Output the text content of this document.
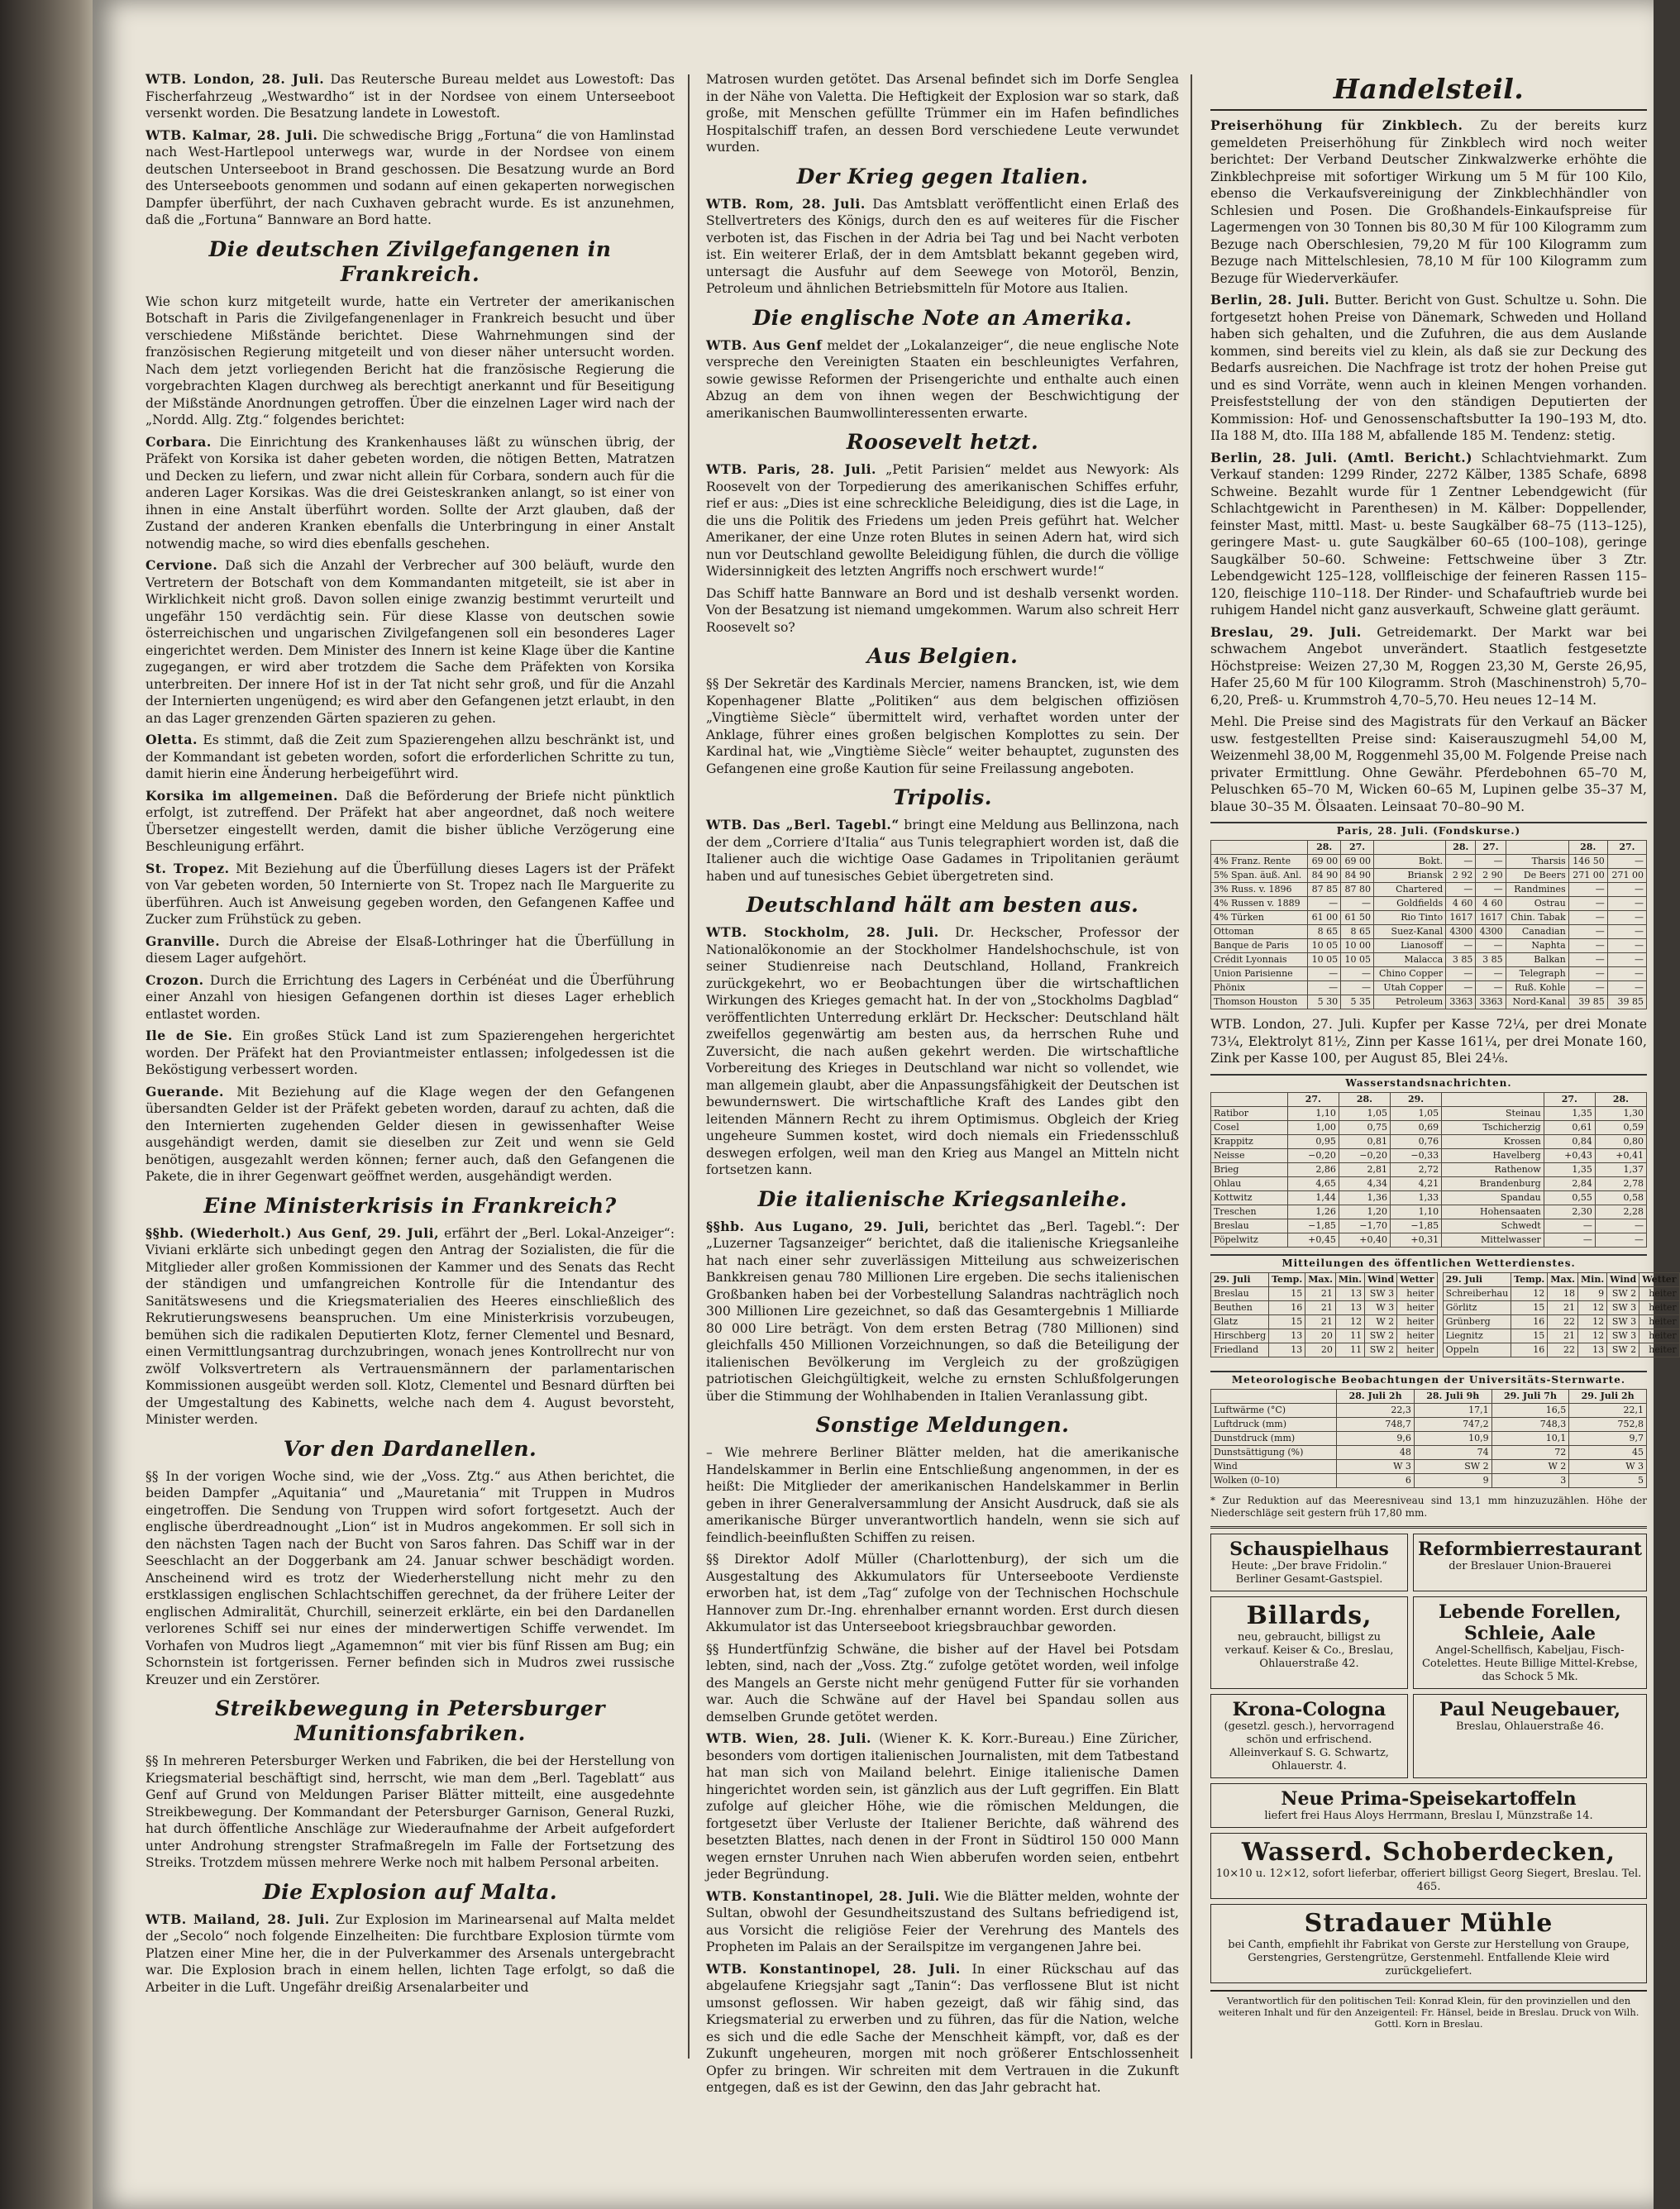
WTB. London, 28. Juli. Das Reutersche Bureau meldet aus Lowestoft: Das Fischerfahrzeug „Westwardho“ ist in der Nordsee von einem Unterseeboot versenkt worden. Die Besatzung landete in Lowestoft.

WTB. Kalmar, 28. Juli. Die schwedische Brigg „Fortuna“ die von Hamlinstad nach West-Hartlepool unterwegs war, wurde in der Nordsee von einem deutschen Unterseeboot in Brand geschossen. Die Besatzung wurde an Bord des Unterseeboots genommen und sodann auf einen gekaperten norwegischen Dampfer überführt, der nach Cuxhaven gebracht wurde. Es ist anzunehmen, daß die „Fortuna“ Bannware an Bord hatte.

Die deutschen Zivilgefangenen in Frankreich.

Wie schon kurz mitgeteilt wurde, hatte ein Vertreter der amerikanischen Botschaft in Paris die Zivilgefangenenlager in Frankreich besucht und über verschiedene Mißstände berichtet. Diese Wahrnehmungen sind der französischen Regierung mitgeteilt und von dieser näher untersucht worden. Nach dem jetzt vorliegenden Bericht hat die französische Regierung die vorgebrachten Klagen durchweg als berechtigt anerkannt und für Beseitigung der Mißstände Anordnungen getroffen. Über die einzelnen Lager wird nach der „Nordd. Allg. Ztg.“ folgendes berichtet:

Corbara. Die Einrichtung des Krankenhauses läßt zu wünschen übrig, der Präfekt von Korsika ist daher gebeten worden, die nötigen Betten, Matratzen und Decken zu liefern, und zwar nicht allein für Corbara, sondern auch für die anderen Lager Korsikas. Was die drei Geisteskranken anlangt, so ist einer von ihnen in eine Anstalt überführt worden. Sollte der Arzt glauben, daß der Zustand der anderen Kranken ebenfalls die Unterbringung in einer Anstalt notwendig mache, so wird dies ebenfalls geschehen.

Cervione. Daß sich die Anzahl der Verbrecher auf 300 beläuft, wurde den Vertretern der Botschaft von dem Kommandanten mitgeteilt, sie ist aber in Wirklichkeit nicht groß. Davon sollen einige zwanzig bestimmt verurteilt und ungefähr 150 verdächtig sein. Für diese Klasse von deutschen sowie österreichischen und ungarischen Zivilgefangenen soll ein besonderes Lager eingerichtet werden. Dem Minister des Innern ist keine Klage über die Kantine zugegangen, er wird aber trotzdem die Sache dem Präfekten von Korsika unterbreiten. Der innere Hof ist in der Tat nicht sehr groß, und für die Anzahl der Internierten ungenügend; es wird aber den Gefangenen jetzt erlaubt, in den an das Lager grenzenden Gärten spazieren zu gehen.

Oletta. Es stimmt, daß die Zeit zum Spazierengehen allzu beschränkt ist, und der Kommandant ist gebeten worden, sofort die erforderlichen Schritte zu tun, damit hierin eine Änderung herbeigeführt wird.

Korsika im allgemeinen. Daß die Beförderung der Briefe nicht pünktlich erfolgt, ist zutreffend. Der Präfekt hat aber angeordnet, daß noch weitere Übersetzer eingestellt werden, damit die bisher übliche Verzögerung eine Beschleunigung erfährt.

St. Tropez. Mit Beziehung auf die Überfüllung dieses Lagers ist der Präfekt von Var gebeten worden, 50 Internierte von St. Tropez nach Ile Marguerite zu überführen. Auch ist Anweisung gegeben worden, den Gefangenen Kaffee und Zucker zum Frühstück zu geben.

Granville. Durch die Abreise der Elsaß-Lothringer hat die Überfüllung in diesem Lager aufgehört.

Crozon. Durch die Errichtung des Lagers in Cerbénéat und die Überführung einer Anzahl von hiesigen Gefangenen dorthin ist dieses Lager erheblich entlastet worden.

Ile de Sie. Ein großes Stück Land ist zum Spazierengehen hergerichtet worden. Der Präfekt hat den Proviantmeister entlassen; infolgedessen ist die Beköstigung verbessert worden.

Guerande. Mit Beziehung auf die Klage wegen der den Gefangenen übersandten Gelder ist der Präfekt gebeten worden, darauf zu achten, daß die den Internierten zugehenden Gelder diesen in gewissenhafter Weise ausgehändigt werden, damit sie dieselben zur Zeit und wenn sie Geld benötigen, ausgezahlt werden können; ferner auch, daß den Gefangenen die Pakete, die in ihrer Gegenwart geöffnet werden, ausgehändigt werden.

Eine Ministerkrisis in Frankreich?

§§hb. (Wiederholt.) Aus Genf, 29. Juli, erfährt der „Berl. Lokal-Anzeiger“: Viviani erklärte sich unbedingt gegen den Antrag der Sozialisten, die für die Mitglieder aller großen Kommissionen der Kammer und des Senats das Recht der ständigen und umfangreichen Kontrolle für die Intendantur des Sanitätswesens und die Kriegsmaterialien des Heeres einschließlich des Rekrutierungswesens beanspruchen. Um eine Ministerkrisis vorzubeugen, bemühen sich die radikalen Deputierten Klotz, ferner Clementel und Besnard, einen Vermittlungsantrag durchzubringen, wonach jenes Kontrollrecht nur von zwölf Volksvertretern als Vertrauensmännern der parlamentarischen Kommissionen ausgeübt werden soll. Klotz, Clementel und Besnard dürften bei der Umgestaltung des Kabinetts, welche nach dem 4. August bevorsteht, Minister werden.

Vor den Dardanellen.

§§ In der vorigen Woche sind, wie der „Voss. Ztg.“ aus Athen berichtet, die beiden Dampfer „Aquitania“ und „Mauretania“ mit Truppen in Mudros eingetroffen. Die Sendung von Truppen wird sofort fortgesetzt. Auch der englische überdreadnought „Lion“ ist in Mudros angekommen. Er soll sich in den nächsten Tagen nach der Bucht von Saros fahren. Das Schiff war in der Seeschlacht an der Doggerbank am 24. Januar schwer beschädigt worden. Anscheinend wird es trotz der Wiederherstellung nicht mehr zu den erstklassigen englischen Schlachtschiffen gerechnet, da der frühere Leiter der englischen Admiralität, Churchill, seinerzeit erklärte, ein bei den Dardanellen verlorenes Schiff sei nur eines der minderwertigen Schiffe verwendet. Im Vorhafen von Mudros liegt „Agamemnon“ mit vier bis fünf Rissen am Bug; ein Schornstein ist fortgerissen. Ferner befinden sich in Mudros zwei russische Kreuzer und ein Zerstörer.

Streikbewegung in Petersburger Munitionsfabriken.

§§ In mehreren Petersburger Werken und Fabriken, die bei der Herstellung von Kriegsmaterial beschäftigt sind, herrscht, wie man dem „Berl. Tageblatt“ aus Genf auf Grund von Meldungen Pariser Blätter mitteilt, eine ausgedehnte Streikbewegung. Der Kommandant der Petersburger Garnison, General Ruzki, hat durch öffentliche Anschläge zur Wiederaufnahme der Arbeit aufgefordert unter Androhung strengster Strafmaßregeln im Falle der Fortsetzung des Streiks. Trotzdem müssen mehrere Werke noch mit halbem Personal arbeiten.

Die Explosion auf Malta.

WTB. Mailand, 28. Juli. Zur Explosion im Marinearsenal auf Malta meldet der „Secolo“ noch folgende Einzelheiten: Die furchtbare Explosion türmte vom Platzen einer Mine her, die in der Pulverkammer des Arsenals untergebracht war. Die Explosion brach in einem hellen, lichten Tage erfolgt, so daß die Arbeiter in die Luft. Ungefähr dreißig Arsenalarbeiter und

Matrosen wurden getötet. Das Arsenal befindet sich im Dorfe Senglea in der Nähe von Valetta. Die Heftigkeit der Explosion war so stark, daß große, mit Menschen gefüllte Trümmer ein im Hafen befindliches Hospitalschiff trafen, an dessen Bord verschiedene Leute verwundet wurden.

Der Krieg gegen Italien.

WTB. Rom, 28. Juli. Das Amtsblatt veröffentlicht einen Erlaß des Stellvertreters des Königs, durch den es auf weiteres für die Fischer verboten ist, das Fischen in der Adria bei Tag und bei Nacht verboten ist. Ein weiterer Erlaß, der in dem Amtsblatt bekannt gegeben wird, untersagt die Ausfuhr auf dem Seewege von Motoröl, Benzin, Petroleum und ähnlichen Betriebsmitteln für Motore aus Italien.

Die englische Note an Amerika.

WTB. Aus Genf meldet der „Lokalanzeiger“, die neue englische Note verspreche den Vereinigten Staaten ein beschleunigtes Verfahren, sowie gewisse Reformen der Prisengerichte und enthalte auch einen Abzug an dem von ihnen wegen der Beschwichtigung der amerikanischen Baumwollinteressenten erwarte.

Roosevelt hetzt.

WTB. Paris, 28. Juli. „Petit Parisien“ meldet aus Newyork: Als Roosevelt von der Torpedierung des amerikanischen Schiffes erfuhr, rief er aus: „Dies ist eine schreckliche Beleidigung, dies ist die Lage, in die uns die Politik des Friedens um jeden Preis geführt hat. Welcher Amerikaner, der eine Unze roten Blutes in seinen Adern hat, wird sich nun vor Deutschland gewollte Beleidigung fühlen, die durch die völlige Widersinnigkeit des letzten Angriffs noch erschwert wurde!“

Das Schiff hatte Bannware an Bord und ist deshalb versenkt worden. Von der Besatzung ist niemand umgekommen. Warum also schreit Herr Roosevelt so?

Aus Belgien.

§§ Der Sekretär des Kardinals Mercier, namens Brancken, ist, wie dem Kopenhagener Blatte „Politiken“ aus dem belgischen offiziösen „Vingtième Siècle“ übermittelt wird, verhaftet worden unter der Anklage, führer eines großen belgischen Komplottes zu sein. Der Kardinal hat, wie „Vingtième Siècle“ weiter behauptet, zugunsten des Gefangenen eine große Kaution für seine Freilassung angeboten.

Tripolis.

WTB. Das „Berl. Tagebl.“ bringt eine Meldung aus Bellinzona, nach der dem „Corriere d'Italia“ aus Tunis telegraphiert worden ist, daß die Italiener auch die wichtige Oase Gadames in Tripolitanien geräumt haben und auf tunesisches Gebiet übergetreten sind.

Deutschland hält am besten aus.

WTB. Stockholm, 28. Juli. Dr. Heckscher, Professor der Nationalökonomie an der Stockholmer Handelshochschule, ist von seiner Studienreise nach Deutschland, Holland, Frankreich zurückgekehrt, wo er Beobachtungen über die wirtschaftlichen Wirkungen des Krieges gemacht hat. In der von „Stockholms Dagblad“ veröffentlichten Unterredung erklärt Dr. Heckscher: Deutschland hält zweifellos gegenwärtig am besten aus, da herrschen Ruhe und Zuversicht, die nach außen gekehrt werden. Die wirtschaftliche Vorbereitung des Krieges in Deutschland war nicht so vollendet, wie man allgemein glaubt, aber die Anpassungsfähigkeit der Deutschen ist bewundernswert. Die wirtschaftliche Kraft des Landes gibt den leitenden Männern Recht zu ihrem Optimismus. Obgleich der Krieg ungeheure Summen kostet, wird doch niemals ein Friedensschluß deswegen erfolgen, weil man den Krieg aus Mangel an Mitteln nicht fortsetzen kann.

Die italienische Kriegsanleihe.

§§hb. Aus Lugano, 29. Juli, berichtet das „Berl. Tagebl.“: Der „Luzerner Tagsanzeiger“ berichtet, daß die italienische Kriegsanleihe hat nach einer sehr zuverlässigen Mitteilung aus schweizerischen Bankkreisen genau 780 Millionen Lire ergeben. Die sechs italienischen Großbanken haben bei der Vorbestellung Salandras nachträglich noch 300 Millionen Lire gezeichnet, so daß das Gesamtergebnis 1 Milliarde 80 000 Lire beträgt. Von dem ersten Betrag (780 Millionen) sind gleichfalls 450 Millionen Vorzeichnungen, so daß die Beteiligung der italienischen Bevölkerung im Vergleich zu der großzügigen patriotischen Gleichgültigkeit, welche zu ernsten Schlußfolgerungen über die Stimmung der Wohlhabenden in Italien Veranlassung gibt.

Sonstige Meldungen.

– Wie mehrere Berliner Blätter melden, hat die amerikanische Handelskammer in Berlin eine Entschließung angenommen, in der es heißt: Die Mitglieder der amerikanischen Handelskammer in Berlin geben in ihrer Generalversammlung der Ansicht Ausdruck, daß sie als amerikanische Bürger unverantwortlich handeln, wenn sie sich auf feindlich-beeinflußten Schiffen zu reisen.

§§ Direktor Adolf Müller (Charlottenburg), der sich um die Ausgestaltung des Akkumulators für Unterseeboote Verdienste erworben hat, ist dem „Tag“ zufolge von der Technischen Hochschule Hannover zum Dr.-Ing. ehrenhalber ernannt worden. Erst durch diesen Akkumulator ist das Unterseeboot kriegsbrauchbar geworden.

§§ Hundertfünfzig Schwäne, die bisher auf der Havel bei Potsdam lebten, sind, nach der „Voss. Ztg.“ zufolge getötet worden, weil infolge des Mangels an Gerste nicht mehr genügend Futter für sie vorhanden war. Auch die Schwäne auf der Havel bei Spandau sollen aus demselben Grunde getötet werden.

WTB. Wien, 28. Juli. (Wiener K. K. Korr.-Bureau.) Eine Züricher, besonders vom dortigen italienischen Journalisten, mit dem Tatbestand hat man sich von Mailand belehrt. Einige italienische Damen hingerichtet worden sein, ist gänzlich aus der Luft gegriffen. Ein Blatt zufolge auf gleicher Höhe, wie die römischen Meldungen, die fortgesetzt über Verluste der Italiener Berichte, daß während des besetzten Blattes, nach denen in der Front in Südtirol 150 000 Mann wegen ernster Unruhen nach Wien abberufen worden seien, entbehrt jeder Begründung.

WTB. Konstantinopel, 28. Juli. Wie die Blätter melden, wohnte der Sultan, obwohl der Gesundheitszustand des Sultans befriedigend ist, aus Vorsicht die religiöse Feier der Verehrung des Mantels des Propheten im Palais an der Serailspitze im vergangenen Jahre bei.

WTB. Konstantinopel, 28. Juli. In einer Rückschau auf das abgelaufene Kriegsjahr sagt „Tanin“: Das verflossene Blut ist nicht umsonst geflossen. Wir haben gezeigt, daß wir fähig sind, das Kriegsmaterial zu erwerben und zu führen, das für die Nation, welche es sich und die edle Sache der Menschheit kämpft, vor, daß es der Zukunft ungeheuren, morgen mit noch größerer Entschlossenheit Opfer zu bringen. Wir schreiten mit dem Vertrauen in die Zukunft entgegen, daß es ist der Gewinn, den das Jahr gebracht hat.

Handelsteil.

Preiserhöhung für Zinkblech. Zu der bereits kurz gemeldeten Preiserhöhung für Zinkblech wird noch weiter berichtet: Der Verband Deutscher Zinkwalzwerke erhöhte die Zinkblechpreise mit sofortiger Wirkung um 5 M für 100 Kilo, ebenso die Verkaufsvereinigung der Zinkblechhändler von Schlesien und Posen. Die Großhandels-Einkaufspreise für Lagermengen von 30 Tonnen bis 80,30 M für 100 Kilogramm zum Bezuge nach Oberschlesien, 79,20 M für 100 Kilogramm zum Bezuge nach Mittelschlesien, 78,10 M für 100 Kilogramm zum Bezuge für Wiederverkäufer.

Berlin, 28. Juli. Butter. Bericht von Gust. Schultze u. Sohn. Die fortgesetzt hohen Preise von Dänemark, Schweden und Holland haben sich gehalten, und die Zufuhren, die aus dem Auslande kommen, sind bereits viel zu klein, als daß sie zur Deckung des Bedarfs ausreichen. Die Nachfrage ist trotz der hohen Preise gut und es sind Vorräte, wenn auch in kleinen Mengen vorhanden. Preisfeststellung der von den ständigen Deputierten der Kommission: Hof- und Genossenschaftsbutter Ia 190–193 M, dto. IIa 188 M, dto. IIIa 188 M, abfallende 185 M. Tendenz: stetig.

Berlin, 28. Juli. (Amtl. Bericht.) Schlachtviehmarkt. Zum Verkauf standen: 1299 Rinder, 2272 Kälber, 1385 Schafe, 6898 Schweine. Bezahlt wurde für 1 Zentner Lebendgewicht (für Schlachtgewicht in Parenthesen) in M. Kälber: Doppellender, feinster Mast, mittl. Mast- u. beste Saugkälber 68–75 (113–125), geringere Mast- u. gute Saugkälber 60–65 (100–108), geringe Saugkälber 50–60. Schweine: Fettschweine über 3 Ztr. Lebendgewicht 125–128, vollfleischige der feineren Rassen 115–120, fleischige 110–118. Der Rinder- und Schafauftrieb wurde bei ruhigem Handel nicht ganz ausverkauft, Schweine glatt geräumt.

Breslau, 29. Juli. Getreidemarkt. Der Markt war bei schwachem Angebot unverändert. Staatlich festgesetzte Höchstpreise: Weizen 27,30 M, Roggen 23,30 M, Gerste 26,95, Hafer 25,60 M für 100 Kilogramm. Stroh (Maschinenstroh) 5,70–6,20, Preß- u. Krummstroh 4,70–5,70. Heu neues 12–14 M.

Mehl. Die Preise sind des Magistrats für den Verkauf an Bäcker usw. festgestellten Preise sind: Kaiserauszugmehl 54,00 M, Weizenmehl 38,00 M, Roggenmehl 35,00 M. Folgende Preise nach privater Ermittlung. Ohne Gewähr. Pferdebohnen 65–70 M, Peluschken 65–70 M, Wicken 60–65 M, Lupinen gelbe 35–37 M, blaue 30–35 M. Ölsaaten. Leinsaat 70–80–90 M.

Paris, 28. Juli. (Fondskurse.)
	28.	27.		28.	27.		28.	27.
4% Franz. Rente	69 00	69 00	Bokt.	—	—	Tharsis	146 50	—
5% Span. äuß. Anl.	84 90	84 90	Briansk	2 92	2 90	De Beers	271 00	271 00
3% Russ. v. 1896	87 85	87 80	Chartered	—	—	Randmines	—	—
4% Russen v. 1889	—	—	Goldfields	4 60	4 60	Ostrau	—	—
4% Türken	61 00	61 50	Rio Tinto	1617	1617	Chin. Tabak	—	—
Ottoman	8 65	8 65	Suez-Kanal	4300	4300	Canadian	—	—
Banque de Paris	10 05	10 00	Lianosoff	—	—	Naphta	—	—
Crédit Lyonnais	10 05	10 05	Malacca	3 85	3 85	Balkan	—	—
Union Parisienne	—	—	Chino Copper	—	—	Telegraph	—	—
Phönix	—	—	Utah Copper	—	—	Ruß. Kohle	—	—
Thomson Houston	5 30	5 35	Petroleum	3363	3363	Nord-Kanal	39 85	39 85

WTB. London, 27. Juli. Kupfer per Kasse 72¼, per drei Monate 73¼, Elektrolyt 81½, Zinn per Kasse 161¼, per drei Monate 160, Zink per Kasse 100, per August 85, Blei 24⅛.

Wasserstandsnachrichten.
	27.	28.	29.		27.	28.
Ratibor	1,10	1,05	1,05	Steinau	1,35	1,30
Cosel	1,00	0,75	0,69	Tschicherzig	0,61	0,59
Krappitz	0,95	0,81	0,76	Krossen	0,84	0,80
Neisse	−0,20	−0,20	−0,33	Havelberg	+0,43	+0,41
Brieg	2,86	2,81	2,72	Rathenow	1,35	1,37
Ohlau	4,65	4,34	4,21	Brandenburg	2,84	2,78
Kottwitz	1,44	1,36	1,33	Spandau	0,55	0,58
Treschen	1,26	1,20	1,10	Hohensaaten	2,30	2,28
Breslau	−1,85	−1,70	−1,85	Schwedt	—	—
Pöpelwitz	+0,45	+0,40	+0,31	Mittelwasser	—	—
Mitteilungen des öffentlichen Wetterdienstes.
29. Juli	Temp.	Max.	Min.	Wind	Wetter
Breslau	15	21	13	SW 3	heiter
Beuthen	16	21	13	W 3	heiter
Glatz	15	21	12	W 2	heiter
Hirschberg	13	20	11	SW 2	heiter
Friedland	13	20	11	SW 2	heiter
29. Juli	Temp.	Max.	Min.	Wind	Wetter
Schreiberhau	12	18	9	SW 2	heiter
Görlitz	15	21	12	SW 3	heiter
Grünberg	16	22	12	SW 3	heiter
Liegnitz	15	21	12	SW 3	heiter
Oppeln	16	22	13	SW 2	heiter
Meteorologische Beobachtungen der Universitäts-Sternwarte.
	28. Juli 2h	28. Juli 9h	29. Juli 7h	29. Juli 2h
Luftwärme (°C)	22,3	17,1	16,5	22,1
Luftdruck (mm)	748,7	747,2	748,3	752,8
Dunstdruck (mm)	9,6	10,9	10,1	9,7
Dunstsättigung (%)	48	74	72	45
Wind	W 3	SW 2	W 2	W 3
Wolken (0–10)	6	9	3	5

* Zur Reduktion auf das Meeresniveau sind 13,1 mm hinzuzuzählen. Höhe der Niederschläge seit gestern früh 17,80 mm.

Schauspielhaus
Heute: „Der brave Fridolin.“ Berliner Gesamt-Gastspiel.
Reformbierrestaurant
der Breslauer Union-Brauerei
Billards,
neu, gebraucht, billigst zu verkauf. Keiser & Co., Breslau, Ohlauerstraße 42.
Lebende Forellen, Schleie, Aale
Angel-Schellfisch, Kabeljau, Fisch-Cotelettes. Heute Billige Mittel-Krebse, das Schock 5 Mk.
Krona-Cologna
(gesetzl. gesch.), hervorragend schön und erfrischend. Alleinverkauf S. G. Schwartz, Ohlauerstr. 4.
Paul Neugebauer,
Breslau, Ohlauerstraße 46.
Neue Prima-Speisekartoffeln
liefert frei Haus Aloys Herrmann, Breslau I, Münzstraße 14.
Wasserd. Schoberdecken,
10×10 u. 12×12, sofort lieferbar, offeriert billigst Georg Siegert, Breslau. Tel. 465.
Stradauer Mühle
bei Canth, empfiehlt ihr Fabrikat von Gerste zur Herstellung von Graupe, Gerstengries, Gerstengrütze, Gerstenmehl. Entfallende Kleie wird zurückgeliefert.
Verantwortlich für den politischen Teil: Konrad Klein, für den provinziellen und den weiteren Inhalt und für den Anzeigenteil: Fr. Hänsel, beide in Breslau. Druck von Wilh. Gottl. Korn in Breslau.
